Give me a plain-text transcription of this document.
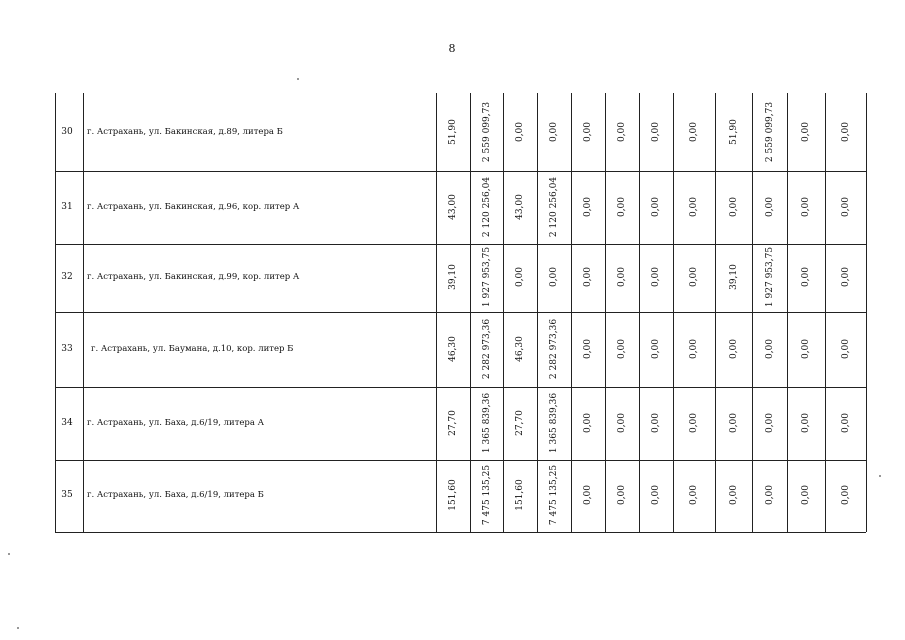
8
30	г. Астрахань, ул. Бакинская, д.89, литера Б	51,90	2 559 099,73	0,00	0,00	0,00	0,00	0,00	0,00	51,90	2 559 099,73	0,00	0,00
31	г. Астрахань, ул. Бакинская, д.96, кор. литер А	43,00	2 120 256,04	43,00	2 120 256,04	0,00	0,00	0,00	0,00	0,00	0,00	0,00	0,00
32	г. Астрахань, ул. Бакинская, д.99, кор. литер А	39,10	1 927 953,75	0,00	0,00	0,00	0,00	0,00	0,00	39,10	1 927 953,75	0,00	0,00
33	г. Астрахань, ул. Баумана, д.10, кор. литер Б	46,30	2 282 973,36	46,30	2 282 973,36	0,00	0,00	0,00	0,00	0,00	0,00	0,00	0,00
34	г. Астрахань, ул. Баха, д.6/19, литера А	27,70	1 365 839,36	27,70	1 365 839,36	0,00	0,00	0,00	0,00	0,00	0,00	0,00	0,00
35	г. Астрахань, ул. Баха, д.6/19, литера Б	151,60	7 475 135,25	151,60	7 475 135,25	0,00	0,00	0,00	0,00	0,00	0,00	0,00	0,00
